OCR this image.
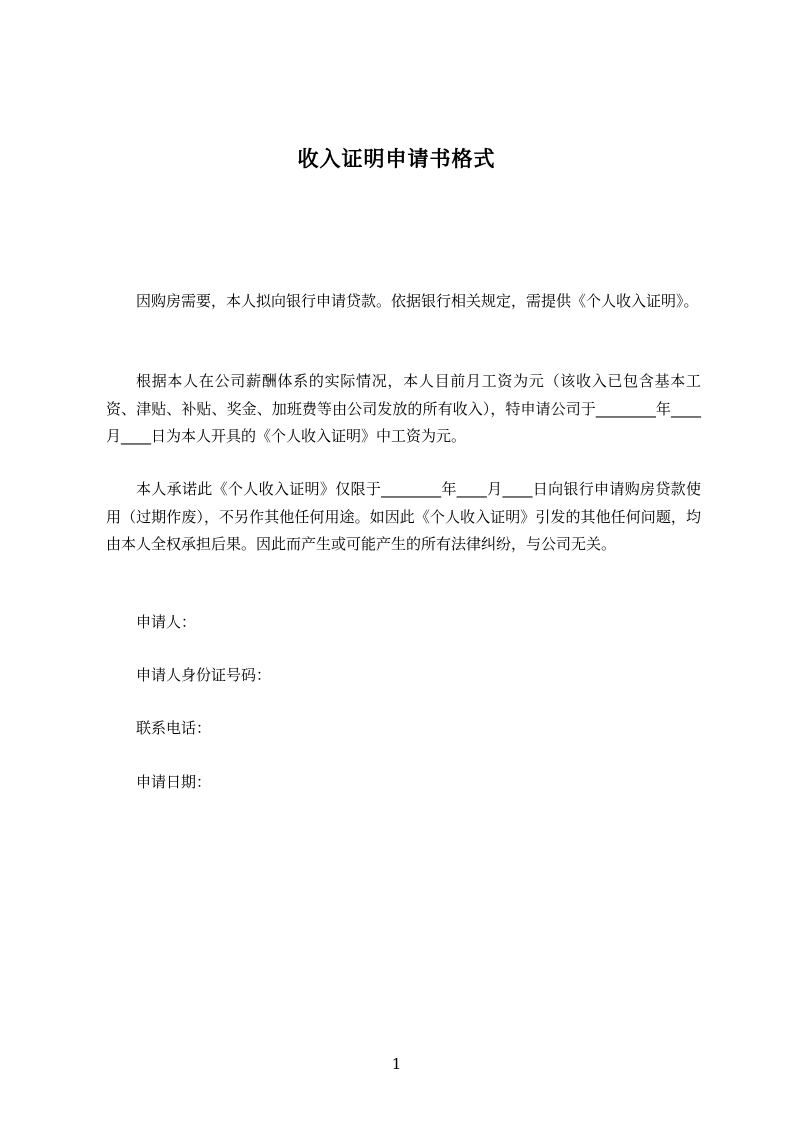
收入证明申请书格式

因购房需要，本人拟向银行申请贷款。依据银行相关规定，需提供《个人收入证明》。

根据本人在公司薪酬体系的实际情况，本人目前月工资为元（该收入已包含基本工资、津贴、补贴、奖金、加班费等由公司发放的所有收入），特申请公司于________年____月____日为本人开具的《个人收入证明》中工资为元。

本人承诺此《个人收入证明》仅限于________年____月____日向银行申请购房贷款使用（过期作废），不另作其他任何用途。如因此《个人收入证明》引发的其他任何问题，均由本人全权承担后果。因此而产生或可能产生的所有法律纠纷，与公司无关。

申请人：
申请人身份证号码：
联系电话：
申请日期：
1
